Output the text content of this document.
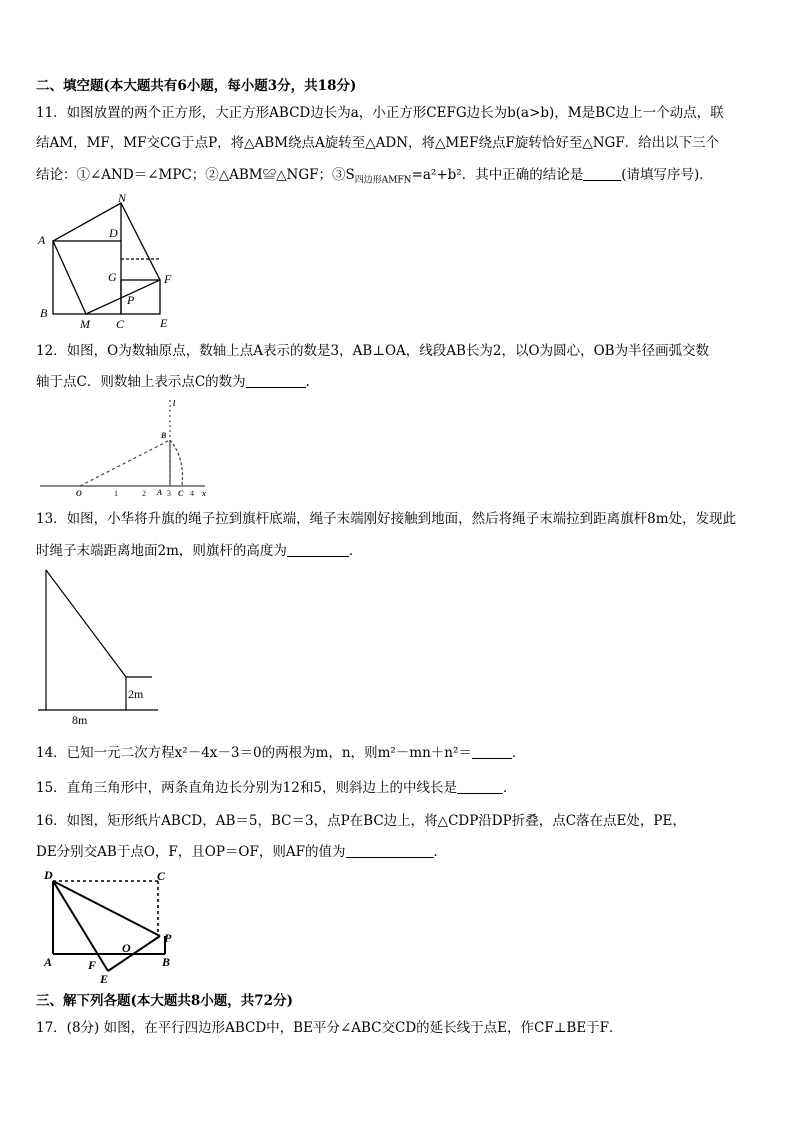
二、填空题(本大题共有6小题，每小题3分，共18分)
11．如图放置的两个正方形，大正方形ABCD边长为a，小正方形CEFG边长为b(a>b)，M是BC边上一个动点，联
结AM，MF，MF交CG于点P，将△ABM绕点A旋转至△ADN，将△MEF绕点F旋转恰好至△NGF．给出以下三个
结论：①∠AND＝∠MPC；②△ABM≌△NGF；$③S_{四边形AMFN}=a^2+b^2$．其中正确的结论是	(请填写序号)．
A
B
C
D
E
F
G
M
N
P
12．如图，O为数轴原点，数轴上点A表示的数是3，AB⊥OA，线段AB长为2，以O为圆心，OB为半径画弧交数
轴于点C．则数轴上表示点C的数为	.
l
B
O	1	2 A 3 C 4 x
13．如图，小华将升旗的绳子拉到旗杆底端，绳子末端刚好接触到地面，然后将绳子末端拉到距离旗杆8m处，发现此
时绳子末端距离地面2m，则旗杆的高度为	．
2m
8m
14．已知一元二次方程x²－4x－3＝0的两根为m，n，则m²－mn＋n²＝	．
15．直角三角形中，两条直角边长分别为12和5，则斜边上的中线长是	．
16．如图，矩形纸片ABCD，AB＝5，BC＝3，点P在BC边上，将△CDP沿DP折叠，点C落在点E处，PE，
DE分别交AB于点O，F，且OP＝OF，则AF的值为	．
D	C
P
O
A	F
E
B
三、解下列各题(本大题共8小题，共72分)
17．(8分) 如图，在平行四边形ABCD中，BE平分∠ABC交CD的延长线于点E，作CF⊥BE于F．
